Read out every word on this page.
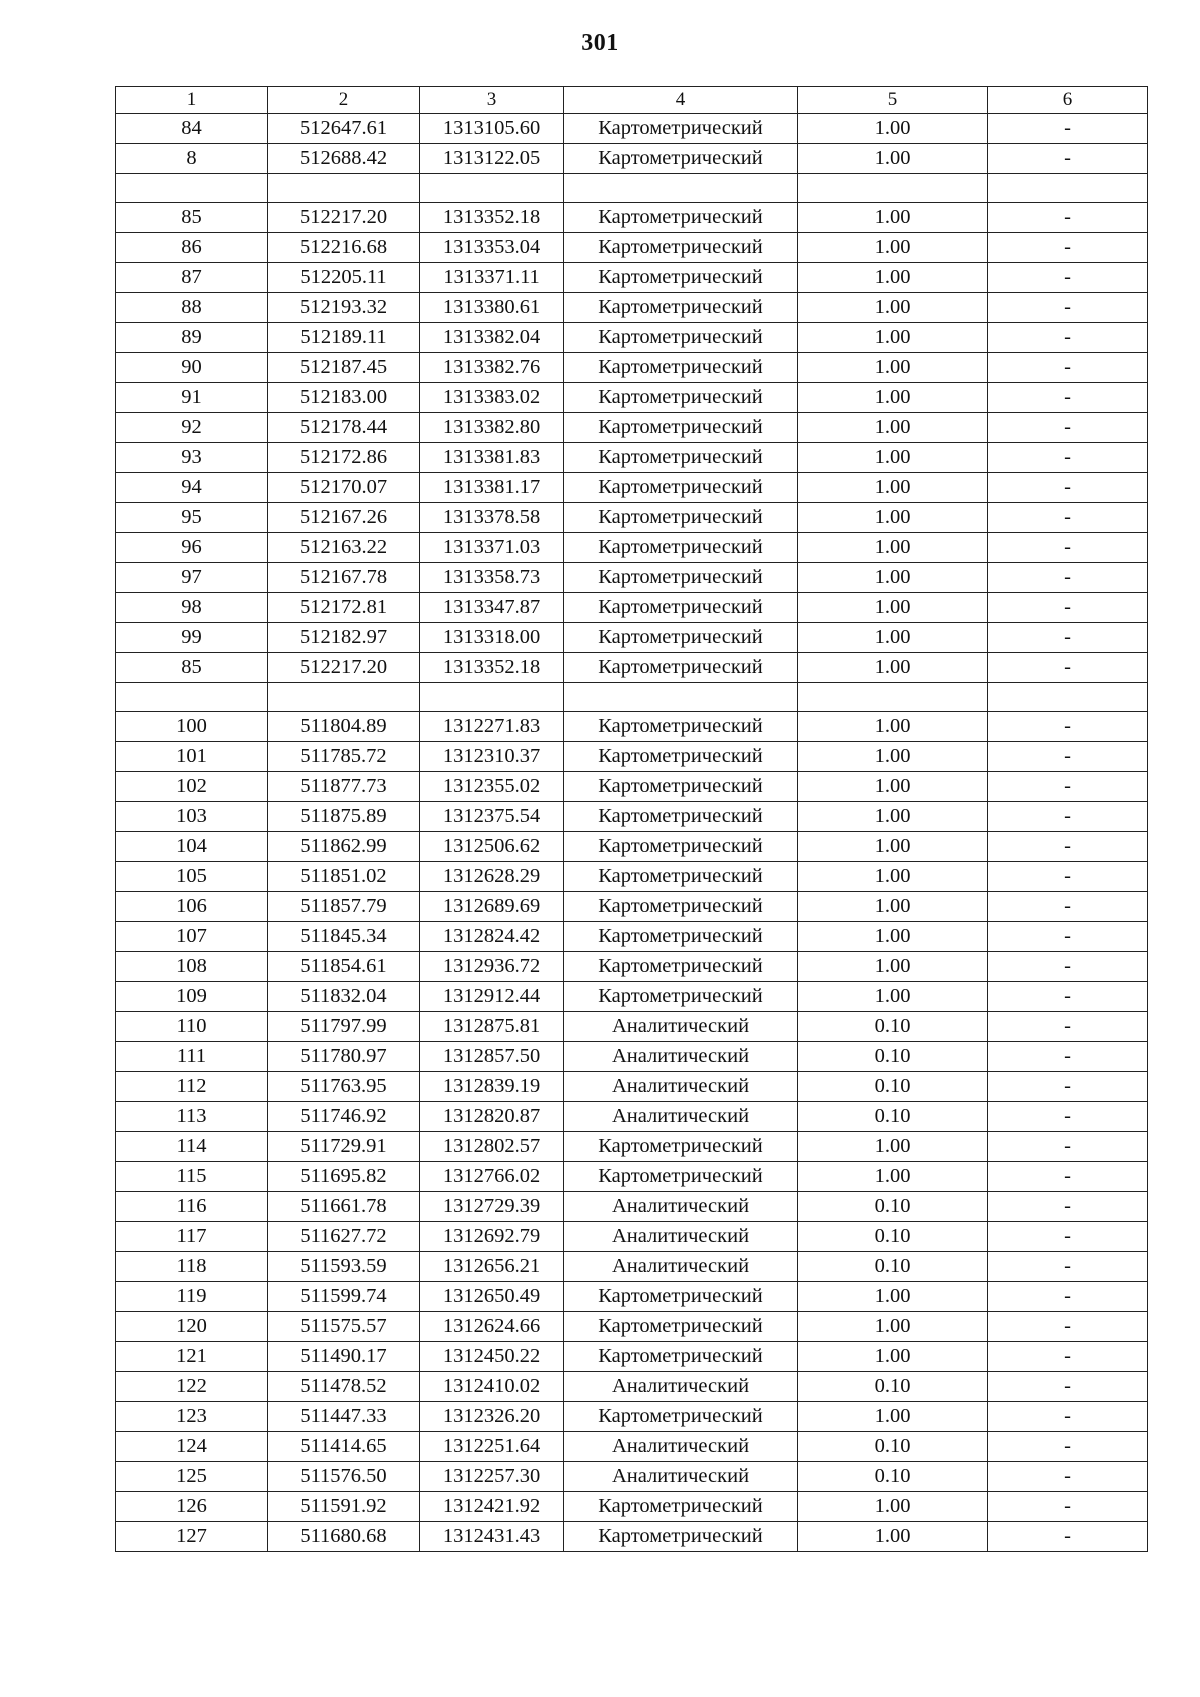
301
1	2	3	4	5	6
84	512647.61	1313105.60	Картометрический	1.00	-
8	512688.42	1313122.05	Картометрический	1.00	-

85	512217.20	1313352.18	Картометрический	1.00	-
86	512216.68	1313353.04	Картометрический	1.00	-
87	512205.11	1313371.11	Картометрический	1.00	-
88	512193.32	1313380.61	Картометрический	1.00	-
89	512189.11	1313382.04	Картометрический	1.00	-
90	512187.45	1313382.76	Картометрический	1.00	-
91	512183.00	1313383.02	Картометрический	1.00	-
92	512178.44	1313382.80	Картометрический	1.00	-
93	512172.86	1313381.83	Картометрический	1.00	-
94	512170.07	1313381.17	Картометрический	1.00	-
95	512167.26	1313378.58	Картометрический	1.00	-
96	512163.22	1313371.03	Картометрический	1.00	-
97	512167.78	1313358.73	Картометрический	1.00	-
98	512172.81	1313347.87	Картометрический	1.00	-
99	512182.97	1313318.00	Картометрический	1.00	-
85	512217.20	1313352.18	Картометрический	1.00	-

100	511804.89	1312271.83	Картометрический	1.00	-
101	511785.72	1312310.37	Картометрический	1.00	-
102	511877.73	1312355.02	Картометрический	1.00	-
103	511875.89	1312375.54	Картометрический	1.00	-
104	511862.99	1312506.62	Картометрический	1.00	-
105	511851.02	1312628.29	Картометрический	1.00	-
106	511857.79	1312689.69	Картометрический	1.00	-
107	511845.34	1312824.42	Картометрический	1.00	-
108	511854.61	1312936.72	Картометрический	1.00	-
109	511832.04	1312912.44	Картометрический	1.00	-
110	511797.99	1312875.81	Аналитический	0.10	-
111	511780.97	1312857.50	Аналитический	0.10	-
112	511763.95	1312839.19	Аналитический	0.10	-
113	511746.92	1312820.87	Аналитический	0.10	-
114	511729.91	1312802.57	Картометрический	1.00	-
115	511695.82	1312766.02	Картометрический	1.00	-
116	511661.78	1312729.39	Аналитический	0.10	-
117	511627.72	1312692.79	Аналитический	0.10	-
118	511593.59	1312656.21	Аналитический	0.10	-
119	511599.74	1312650.49	Картометрический	1.00	-
120	511575.57	1312624.66	Картометрический	1.00	-
121	511490.17	1312450.22	Картометрический	1.00	-
122	511478.52	1312410.02	Аналитический	0.10	-
123	511447.33	1312326.20	Картометрический	1.00	-
124	511414.65	1312251.64	Аналитический	0.10	-
125	511576.50	1312257.30	Аналитический	0.10	-
126	511591.92	1312421.92	Картометрический	1.00	-
127	511680.68	1312431.43	Картометрический	1.00	-
